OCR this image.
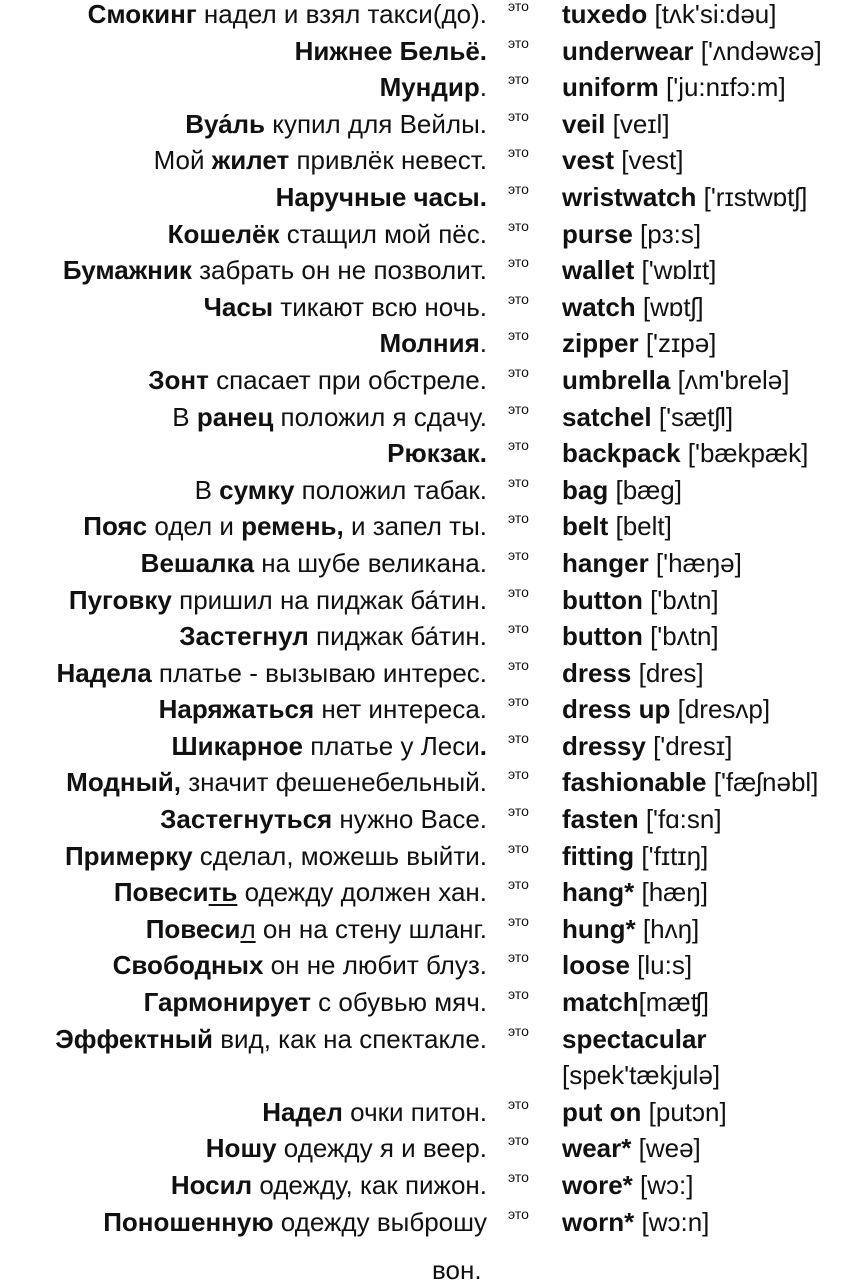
Смокинг надел и взял такси(до). это tuxedo [tʌk'si:dəu]
Нижнее Бельё. это underwear ['ʌndəwɛə]
Мундир. это uniform ['ju:nɪfɔ:m]
Вуа́ль купил для Вейлы. это veil [veɪl]
Мой жилет привлёк невест. это vest [vest]
Наручные часы. это wristwatch ['rɪstwɒtʃ]
Кошелёк стащил мой пёс. это purse [pɜ:s]
Бумажник забрать он не позволит. это wallet ['wɒlɪt]
Часы тикают всю ночь. это watch [wɒtʃ]
Молния. это zipper ['zɪpə]
Зонт спасает при обстреле. это umbrella [ʌm'brelə]
В ранец положил я сдачу. это satchel ['sætʃl]
Рюкзак. это backpack ['bækpæk]
В сумку положил табак. это bag [bæɡ]
Пояс одел и ремень, и запел ты. это belt [belt]
Вешалка на шубе великана. это hanger ['hæŋə]
Пуговку пришил на пиджак ба́тин. это button ['bʌtn]
Застегнул пиджак ба́тин. это button ['bʌtn]
Надела платье - вызываю интерес. это dress [dres]
Наряжаться нет интереса. это dress up [dresʌp]
Шикарное платье у Леси. это dressy ['dresɪ]
Модный, значит фешенебельный. это fashionable ['fæʃnəbl]
Застегнуться нужно Васе. это fasten ['fɑ:sn]
Примерку сделал, можешь выйти. это fitting ['fɪtɪŋ]
Повесить одежду должен хан. это hang* [hæŋ]
Повесил он на стену шланг. это hung* [hʌŋ]
Свободных он не любит блуз. это loose [lu:s]
Гармонирует с обувью мяч. это match[mæʧ]
Эффектный вид, как на спектакле. это spectacular
[spek'tækjulə]
Надел очки питон. это put on [putɔn]
Ношу одежду я и веер. это wear* [weə]
Носил одежду, как пижон. это wore* [wɔ:]
Поношенную одежду выброшу это worn* [wɔ:n]
вон.
